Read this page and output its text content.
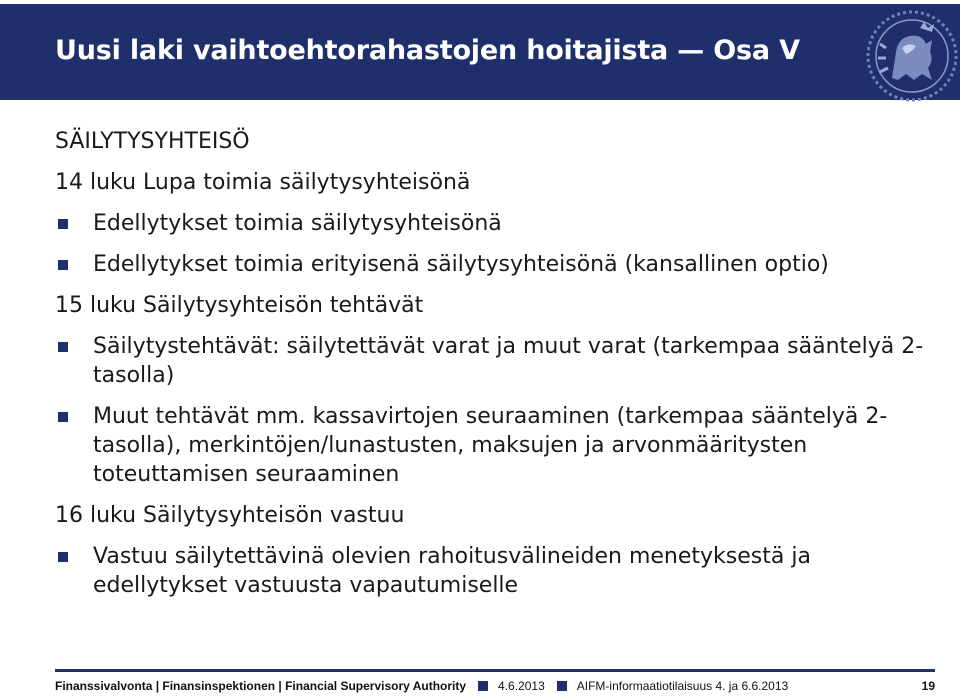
Uusi laki vaihtoehtorahastojen hoitajista — Osa V

SÄILYTYSYHTEISÖ

14 luku Lupa toimia säilytysyhteisönä

Edellytykset toimia säilytysyhteisönä
Edellytykset toimia erityisenä säilytysyhteisönä (kansallinen optio)

15 luku Säilytysyhteisön tehtävät

Säilytystehtävät: säilytettävät varat ja muut varat (tarkempaa sääntelyä 2-tasolla)
Muut tehtävät mm. kassavirtojen seuraaminen (tarkempaa sääntelyä 2-tasolla), merkintöjen/lunastusten, maksujen ja arvonmääritysten toteuttamisen seuraaminen

16 luku Säilytysyhteisön vastuu

Vastuu säilytettävinä olevien rahoitusvälineiden menetyksestä ja edellytykset vastuusta vapautumiselle
Finanssivalvonta | Finansinspektionen | Financial Supervisory Authority	4.6.2013	AIFM-informaatiotilaisuus 4. ja 6.6.2013	19
